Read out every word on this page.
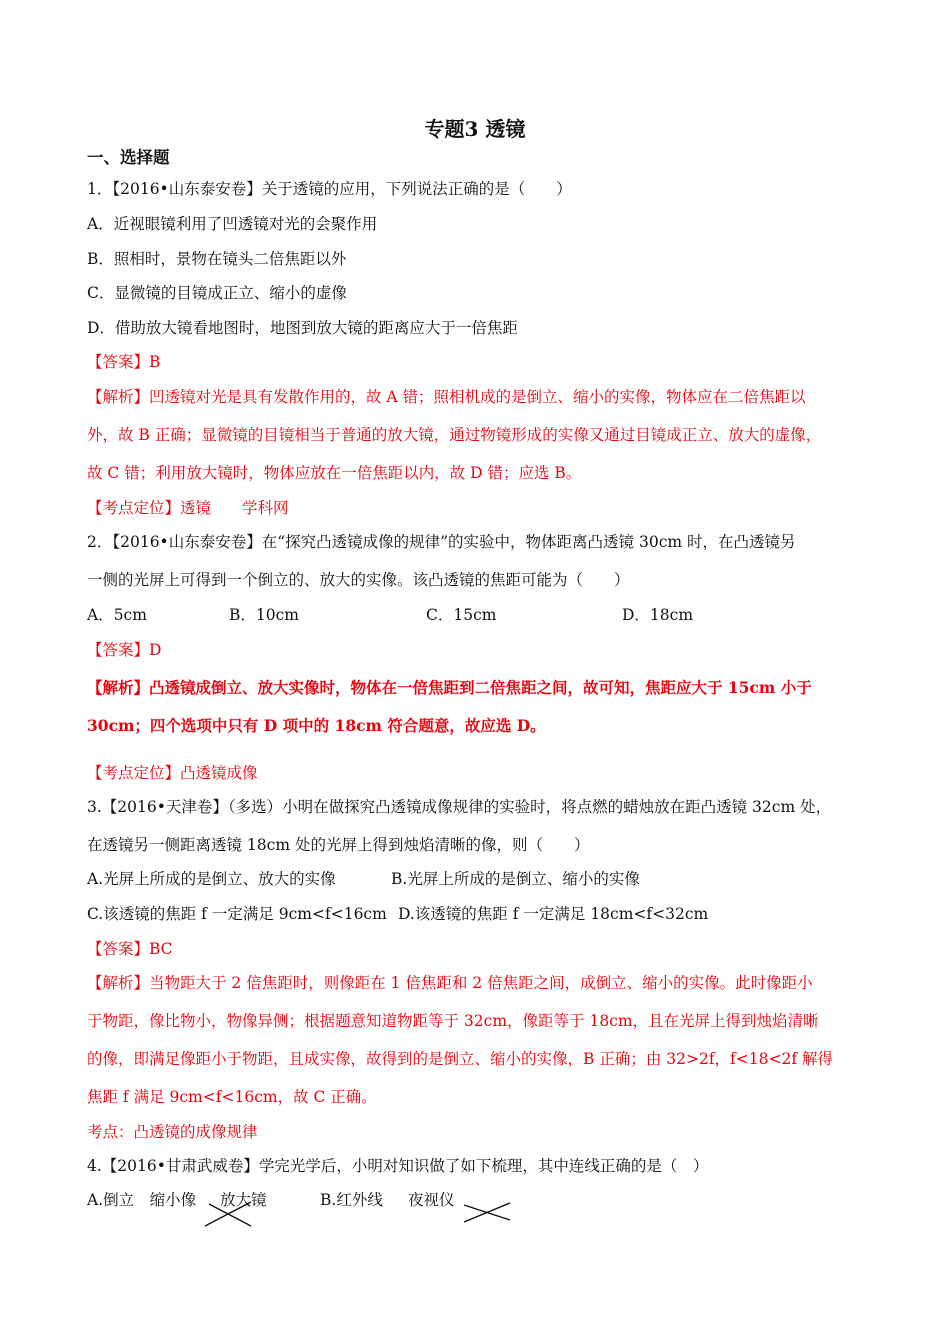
专题3 透镜
一、选择题
1．【2016•山东泰安卷】关于透镜的应用，下列说法正确的是（　　）
A．近视眼镜利用了凹透镜对光的会聚作用
B．照相时，景物在镜头二倍焦距以外
C．显微镜的目镜成正立、缩小的虚像
D．借助放大镜看地图时，地图到放大镜的距离应大于一倍焦距
【答案】B
【解析】凹透镜对光是具有发散作用的，故 A 错；照相机成的是倒立、缩小的实像，物体应在二倍焦距以
外，故 B 正确；显微镜的目镜相当于普通的放大镜，通过物镜形成的实像又通过目镜成正立、放大的虚像，
故 C 错；利用放大镜时，物体应放在一倍焦距以内，故 D 错；应选 B。
【考点定位】透镜　　学科网
2．【2016•山东泰安卷】在“探究凸透镜成像的规律”的实验中，物体距离凸透镜 30cm 时，在凸透镜另
一侧的光屏上可得到一个倒立的、放大的实像。该凸透镜的焦距可能为（　　）
A．5cm	B．10cm	C．15cm	D．18cm
【答案】D
【解析】凸透镜成倒立、放大实像时，物体在一倍焦距到二倍焦距之间，故可知，焦距应大于 15cm 小于
30cm；四个选项中只有 D 项中的 18cm 符合题意，故应选 D。
【考点定位】凸透镜成像
3.【2016•天津卷】（多选）小明在做探究凸透镜成像规律的实验时，将点燃的蜡烛放在距凸透镜 32cm 处，
在透镜另一侧距离透镜 18cm 处的光屏上得到烛焰清晰的像，则（　　）
A.光屏上所成的是倒立、放大的实像	B.光屏上所成的是倒立、缩小的实像
C.该透镜的焦距 f 一定满足 9cm<f<16cm D.该透镜的焦距 f 一定满足 18cm<f<32cm
【答案】BC
【解析】当物距大于 2 倍焦距时，则像距在 1 倍焦距和 2 倍焦距之间，成倒立、缩小的实像。此时像距小
于物距，像比物小，物像异侧；根据题意知道物距等于 32cm，像距等于 18cm，且在光屏上得到烛焰清晰
的像，即满足像距小于物距，且成实像，故得到的是倒立、缩小的实像，B 正确；由 32>2f，f<18<2f 解得
焦距 f 满足 9cm<f<16cm，故 C 正确。
考点：凸透镜的成像规律
4.【2016•甘肃武威卷】学完光学后，小明对知识做了如下梳理，其中连线正确的是（　）
A.倒立　缩小像 放大镜	B.红外线 夜视仪
